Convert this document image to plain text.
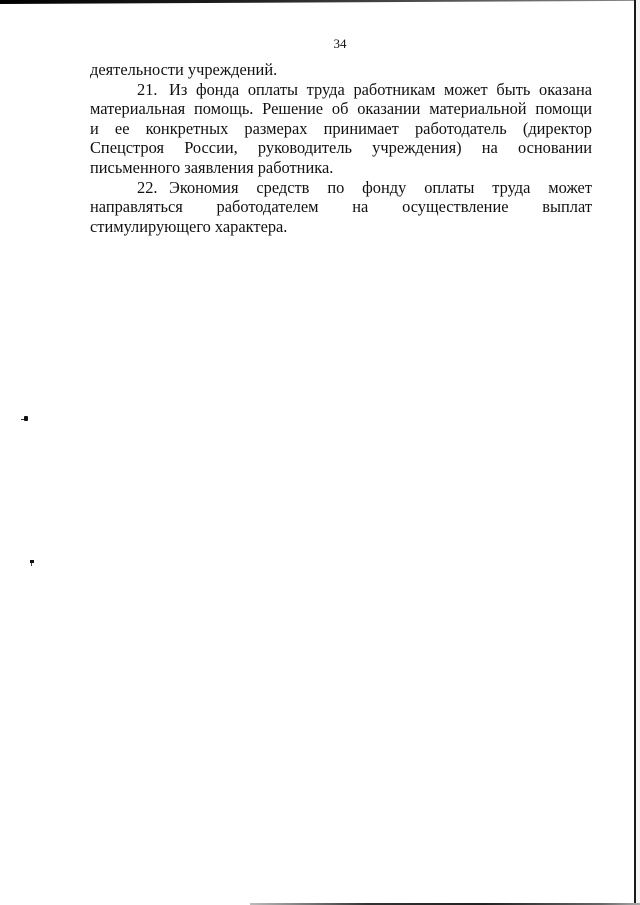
34
деятельности учреждений.
21. Из фонда оплаты труда работникам может быть оказана
материальная помощь. Решение об оказании материальной помощи
и ее конкретных размерах принимает работодатель (директор
Спецстроя России, руководитель учреждения) на основании
письменного заявления работника.
22. Экономия средств по фонду оплаты труда может
направляться работодателем на осуществление выплат
стимулирующего характера.
